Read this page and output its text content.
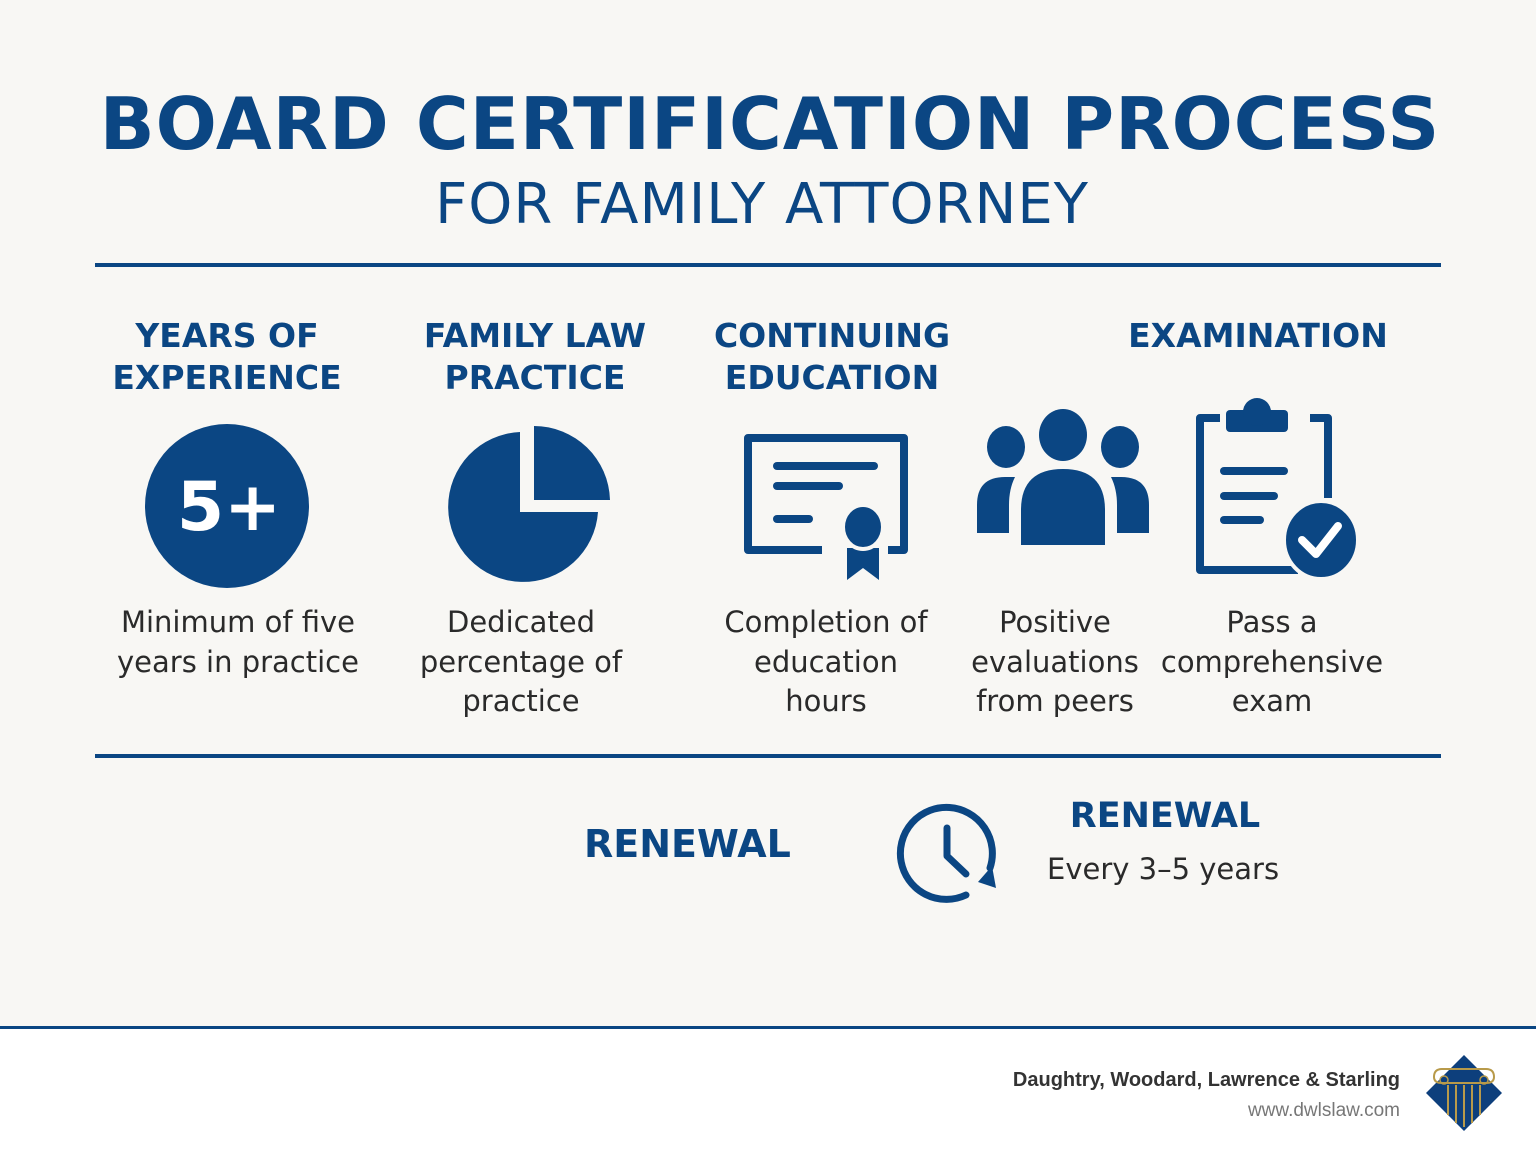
BOARD CERTIFICATION PROCESS
FOR FAMILY ATTORNEY
YEARS OF
EXPERIENCE
FAMILY LAW
PRACTICE
CONTINUING
EDUCATION
EXAMINATION
5+
Minimum of five
years in practice
Dedicated
percentage of
practice
Completion of
education
hours
Positive
evaluations
from peers
Pass a
comprehensive
exam
RENEWAL
RENEWAL
Every 3–5 years
Daughtry, Woodard, Lawrence & Starling
www.dwlslaw.com
